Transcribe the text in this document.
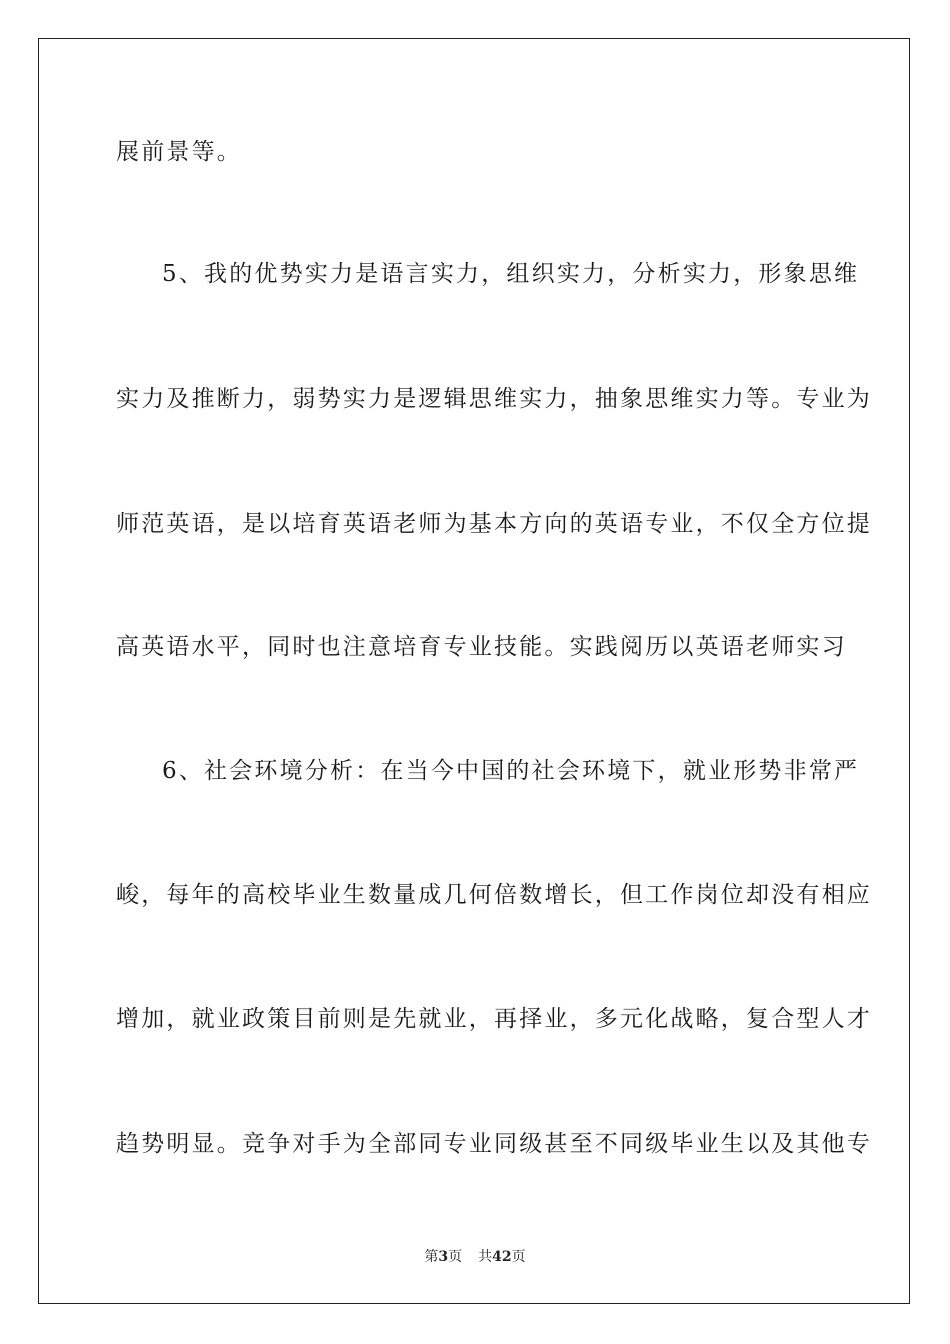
展前景等。
5、我的优势实力是语言实力，组织实力，分析实力，形象思维
实力及推断力，弱势实力是逻辑思维实力，抽象思维实力等。专业为
师范英语，是以培育英语老师为基本方向的英语专业，不仅全方位提
高英语水平，同时也注意培育专业技能。实践阅历以英语老师实习
6、社会环境分析：在当今中国的社会环境下，就业形势非常严
峻，每年的高校毕业生数量成几何倍数增长，但工作岗位却没有相应
增加，就业政策目前则是先就业，再择业，多元化战略，复合型人才
趋势明显。竞争对手为全部同专业同级甚至不同级毕业生以及其他专
第3页 共42页
